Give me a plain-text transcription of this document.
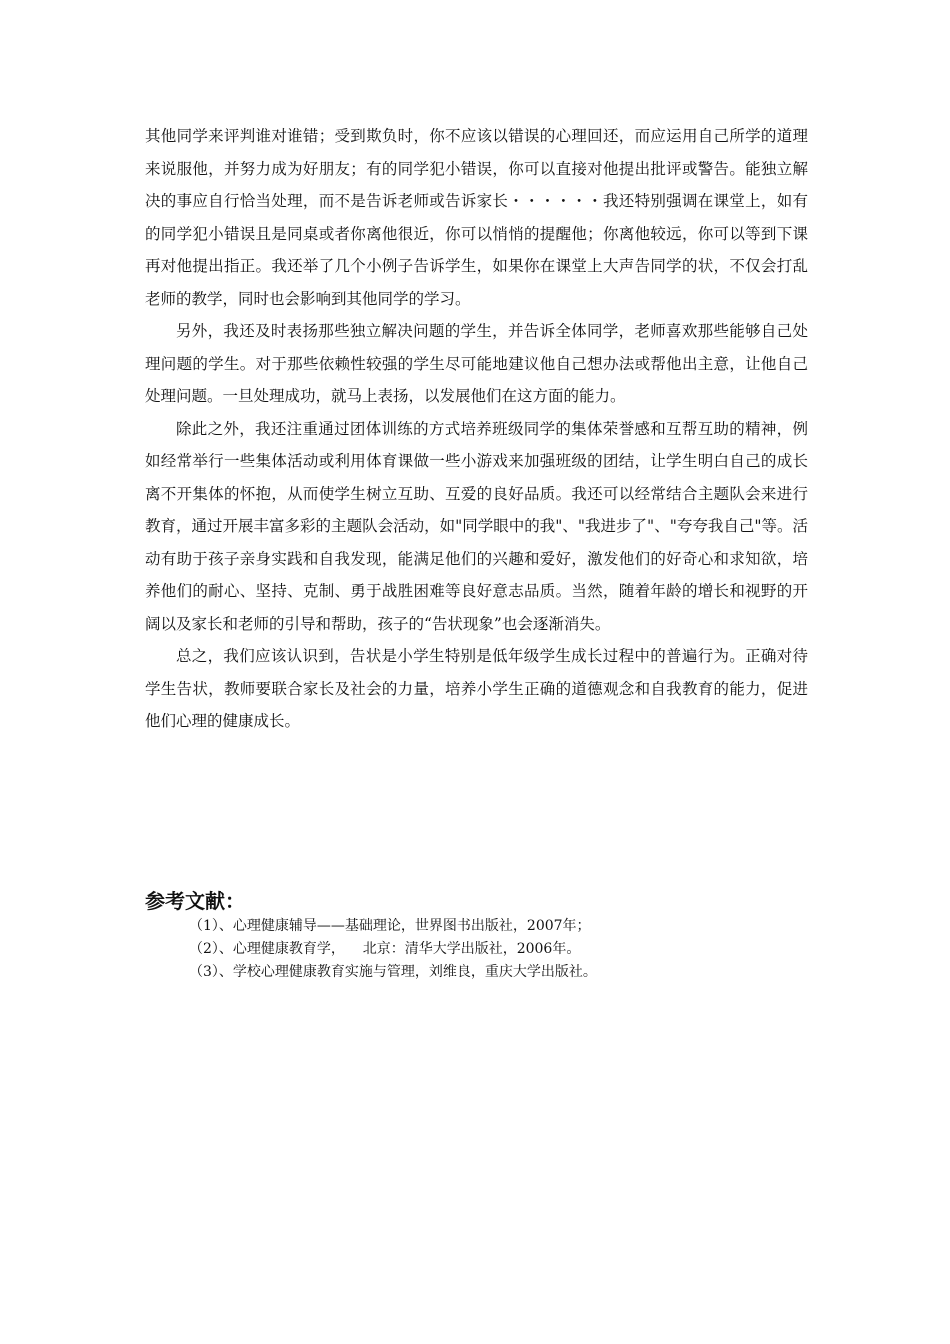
其他同学来评判谁对谁错；受到欺负时，你不应该以错误的心理回还，而应运用自己所学的道理来说服他，并努力成为好朋友；有的同学犯小错误，你可以直接对他提出批评或警告。能独立解决的事应自行恰当处理，而不是告诉老师或告诉家长・・・・・・我还特别强调在课堂上，如有的同学犯小错误且是同桌或者你离他很近，你可以悄悄的提醒他；你离他较远，你可以等到下课再对他提出指正。我还举了几个小例子告诉学生，如果你在课堂上大声告同学的状，不仅会打乱老师的教学，同时也会影响到其他同学的学习。

另外，我还及时表扬那些独立解决问题的学生，并告诉全体同学，老师喜欢那些能够自己处理问题的学生。对于那些依赖性较强的学生尽可能地建议他自己想办法或帮他出主意，让他自己处理问题。一旦处理成功，就马上表扬，以发展他们在这方面的能力。

除此之外，我还注重通过团体训练的方式培养班级同学的集体荣誉感和互帮互助的精神，例如经常举行一些集体活动或利用体育课做一些小游戏来加强班级的团结，让学生明白自己的成长离不开集体的怀抱，从而使学生树立互助、互爱的良好品质。我还可以经常结合主题队会来进行教育，通过开展丰富多彩的主题队会活动，如"同学眼中的我"、"我进步了"、"夸夸我自己"等。活动有助于孩子亲身实践和自我发现，能满足他们的兴趣和爱好，激发他们的好奇心和求知欲，培养他们的耐心、坚持、克制、勇于战胜困难等良好意志品质。当然，随着年龄的增长和视野的开阔以及家长和老师的引导和帮助，孩子的“告状现象”也会逐渐消失。

总之，我们应该认识到，告状是小学生特别是低年级学生成长过程中的普遍行为。正确对待学生告状，教师要联合家长及社会的力量，培养小学生正确的道德观念和自我教育的能力，促进他们心理的健康成长。

参考文献：
（1）、心理健康辅导——基础理论，世界图书出版社，2007年；
（2）、心理健康教育学，    北京：清华大学出版社，2006年。
（3）、学校心理健康教育实施与管理，刘维良，重庆大学出版社。
